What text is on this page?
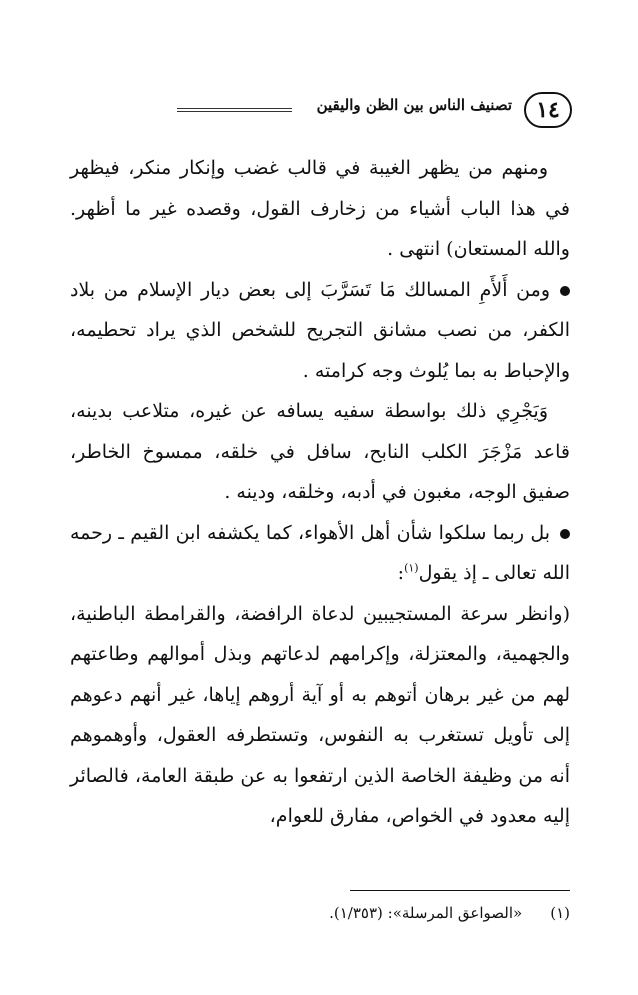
١٤
تصنيف الناس بين الظن واليقين

ومنهم من يظهر الغيبة في قالب غضب وإنكار منكر، فيظهر في هذا الباب أشياء من زخارف القول، وقصده غير ما أظهر. والله المستعان) انتهى .

ومن أَلأَمِ المسالك مَا تَسَرَّبَ إلى بعض ديار الإسلام من بلاد الكفر، من نصب مشانق التجريح للشخص الذي يراد تحطيمه، والإحباط به بما يُلوث وجه كرامته .

وَيَجْرِي ذلك بواسطة سفيه يسافه عن غيره، متلاعب بدينه، قاعد مَزْجَرَ الكلب النابح، سافل في خلقه، ممسوخ الخاطر، صفيق الوجه، مغبون في أدبه، وخلقه، ودينه .

بل ربما سلكوا شأن أهل الأهواء، كما يكشفه ابن القيم ـ رحمه الله تعالى ـ إذ يقول$^{(١)}$:

(وانظر سرعة المستجيبين لدعاة الرافضة، والقرامطة الباطنية، والجهمية، والمعتزلة، وإكرامهم لدعاتهم وبذل أموالهم وطاعتهم لهم من غير برهان أتوهم به أو آية أروهم إياها، غير أنهم دعوهم إلى تأويل تستغرب به النفوس، وتستطرفه العقول، وأوهموهم أنه من وظيفة الخاصة الذين ارتفعوا به عن طبقة العامة، فالصائر إليه معدود في الخواص، مفارق للعوام،

(١)«الصواعق المرسلة»: (١/٣٥٣).
